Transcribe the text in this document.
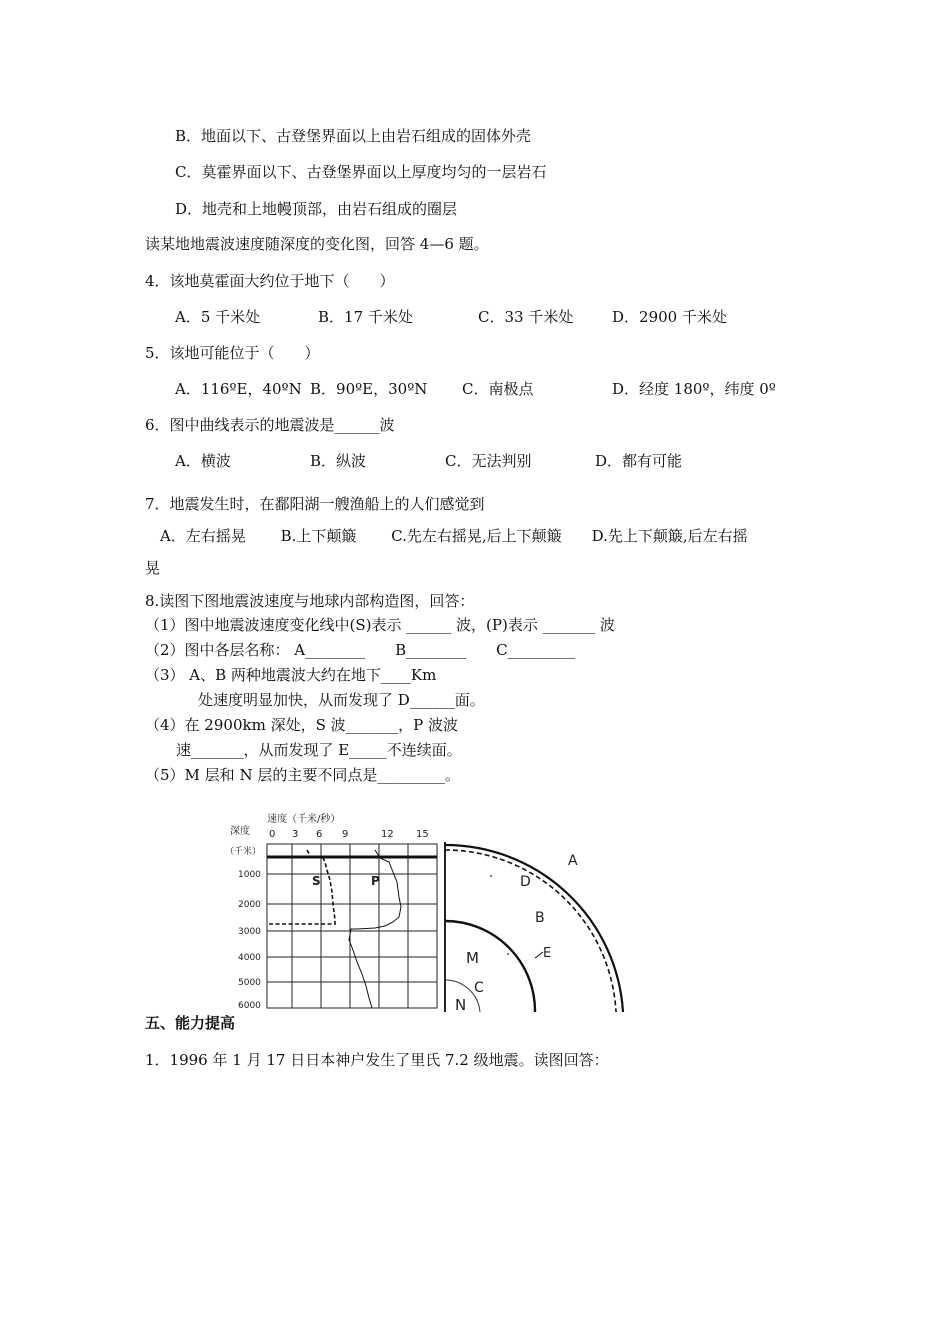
B．地面以下、古登堡界面以上由岩石组成的固体外壳
C．莫霍界面以下、古登堡界面以上厚度均匀的一层岩石
D．地壳和上地幔顶部，由岩石组成的圈层
读某地地震波速度随深度的变化图，回答 4—6 题。
4．该地莫霍面大约位于地下（　　）
A．5 千米处	B．17 千米处	C．33 千米处	D．2900 千米处
5．该地可能位于（　　）
A．116ºE，40ºN B．90ºE，30ºN C．南极点	D．经度 180º，纬度 0º
6．图中曲线表示的地震波是______波
A．横波	B．纵波	C．无法判别	D．都有可能
7．地震发生时，在鄱阳湖一艘渔船上的人们感觉到
A．左右摇晃　　 B.上下颠簸　　 C.先左右摇晃,后上下颠簸　　D.先上下颠簸,后左右摇
晃
8.读图下图地震波速度与地球内部构造图，回答：
（1）图中地震波速度变化线中(S)表示 ______ 波，(P)表示 _______ 波
（2）图中各层名称： A________　　B________　　C_________
（3） A、B 两种地震波大约在地下____Km
处速度明显加快，从而发现了 D______面。
（4）在 2900km 深处，S 波_______，P 波波
速_______，从而发现了 E_____不连续面。
（5）M 层和 N 层的主要不同点是_________。
速度（千米/秒）
深度 0 3 6 9	12 15
（千米）
1000
2000
3000
4000
5000
6000
S	P
A
D
B
E
M
C
N
五、能力提高
1．1996 年 1 月 17 日日本神户发生了里氏 7.2 级地震。读图回答：
